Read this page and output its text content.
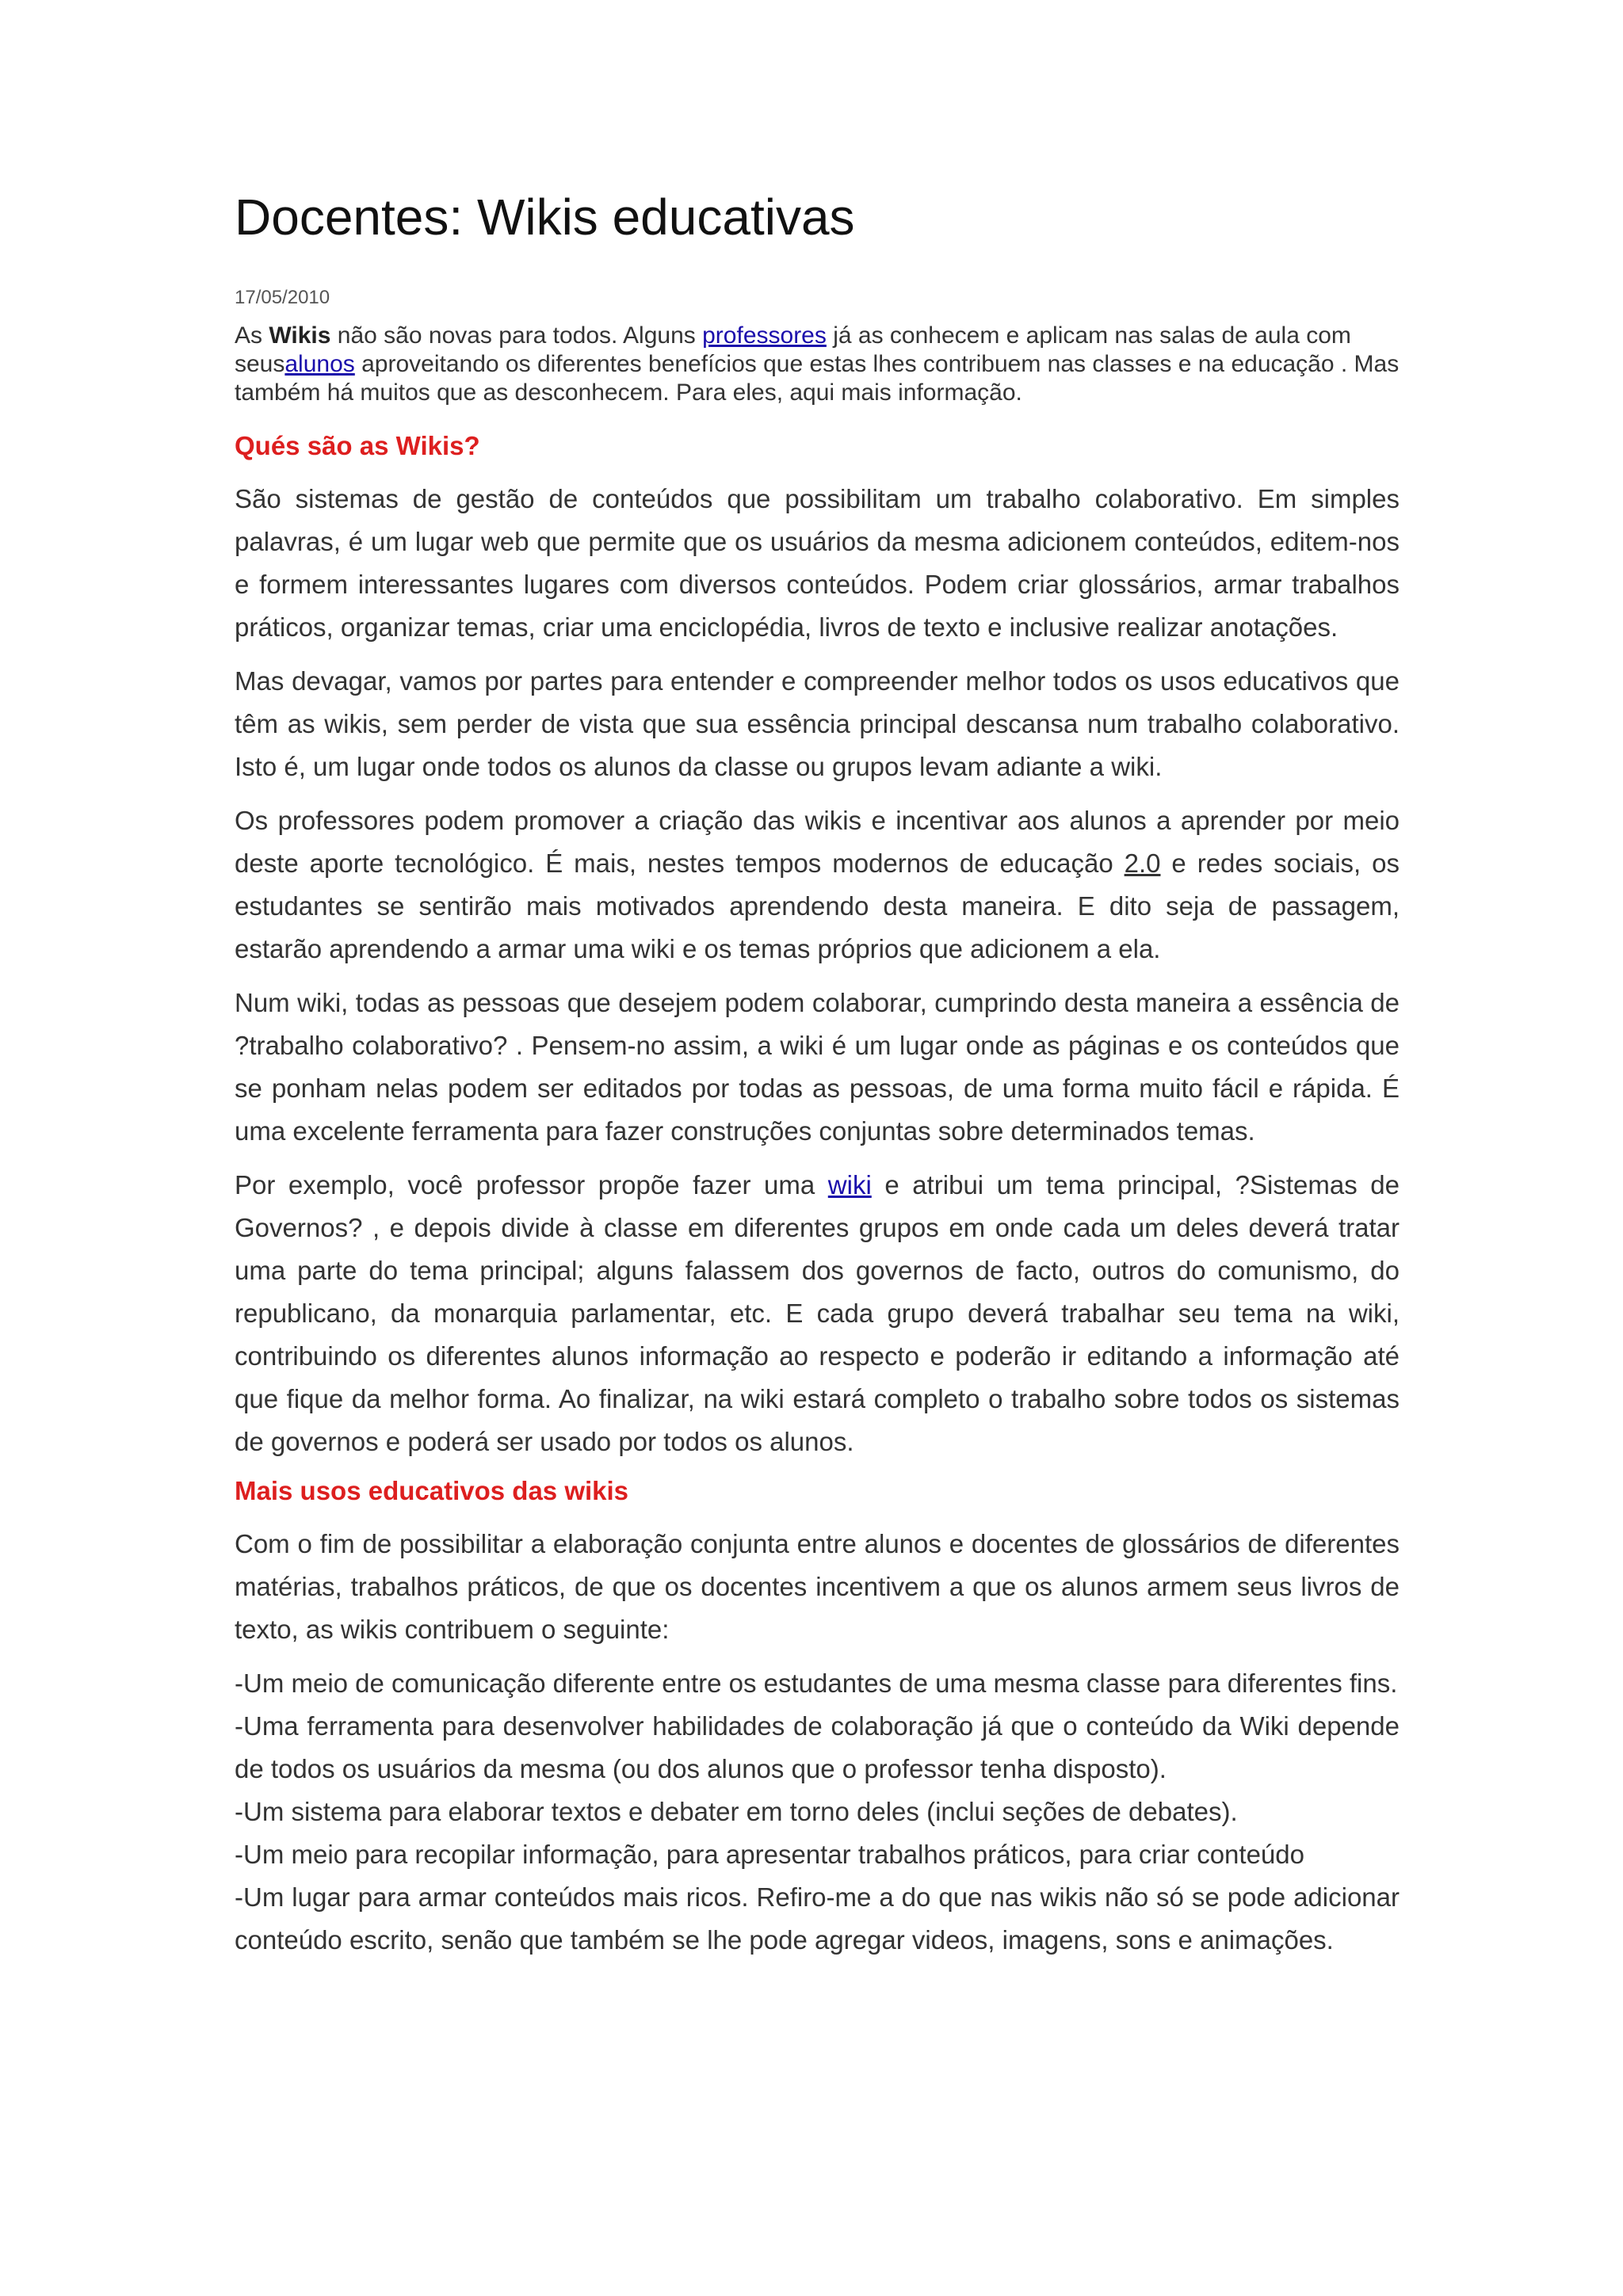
Docentes: Wikis educativas
17/05/2010

As Wikis não são novas para todos. Alguns professores já as conhecem e aplicam nas salas de aula com seusalunos aproveitando os diferentes benefícios que estas lhes contribuem nas classes e na educação . Mas também há muitos que as desconhecem. Para eles, aqui mais informação.

Qués são as Wikis?

São sistemas de gestão de conteúdos que possibilitam um trabalho colaborativo. Em simples palavras, é um lugar web que permite que os usuários da mesma adicionem conteúdos, editem-nos e formem interessantes lugares com diversos conteúdos. Podem criar glossários, armar trabalhos práticos, organizar temas, criar uma enciclopédia, livros de texto e inclusive realizar anotações.

Mas devagar, vamos por partes para entender e compreender melhor todos os usos educativos que têm as wikis, sem perder de vista que sua essência principal descansa num trabalho colaborativo. Isto é, um lugar onde todos os alunos da classe ou grupos levam adiante a wiki.

Os professores podem promover a criação das wikis e incentivar aos alunos a aprender por meio deste aporte tecnológico. É mais, nestes tempos modernos de educação 2.0 e redes sociais, os estudantes se sentirão mais motivados aprendendo desta maneira. E dito seja de passagem, estarão aprendendo a armar uma wiki e os temas próprios que adicionem a ela.

Num wiki, todas as pessoas que desejem podem colaborar, cumprindo desta maneira a essência de ?trabalho colaborativo? . Pensem-no assim, a wiki é um lugar onde as páginas e os conteúdos que se ponham nelas podem ser editados por todas as pessoas, de uma forma muito fácil e rápida. É uma excelente ferramenta para fazer construções conjuntas sobre determinados temas.

Por exemplo, você professor propõe fazer uma wiki e atribui um tema principal, ?Sistemas de Governos? , e depois divide à classe em diferentes grupos em onde cada um deles deverá tratar uma parte do tema principal; alguns falassem dos governos de facto, outros do comunismo, do republicano, da monarquia parlamentar, etc. E cada grupo deverá trabalhar seu tema na wiki, contribuindo os diferentes alunos informação ao respecto e poderão ir editando a informação até que fique da melhor forma. Ao finalizar, na wiki estará completo o trabalho sobre todos os sistemas de governos e poderá ser usado por todos os alunos.

Mais usos educativos das wikis

Com o fim de possibilitar a elaboração conjunta entre alunos e docentes de glossários de diferentes matérias, trabalhos práticos, de que os docentes incentivem a que os alunos armem seus livros de texto, as wikis contribuem o seguinte:

-Um meio de comunicação diferente entre os estudantes de uma mesma classe para diferentes fins.

-Uma ferramenta para desenvolver habilidades de colaboração já que o conteúdo da Wiki depende de todos os usuários da mesma (ou dos alunos que o professor tenha disposto).

-Um sistema para elaborar textos e debater em torno deles (inclui seções de debates).

-Um meio para recopilar informação, para apresentar trabalhos práticos, para criar conteúdo

-Um lugar para armar conteúdos mais ricos. Refiro-me a do que nas wikis não só se pode adicionar conteúdo escrito, senão que também se lhe pode agregar videos, imagens, sons e animações.
